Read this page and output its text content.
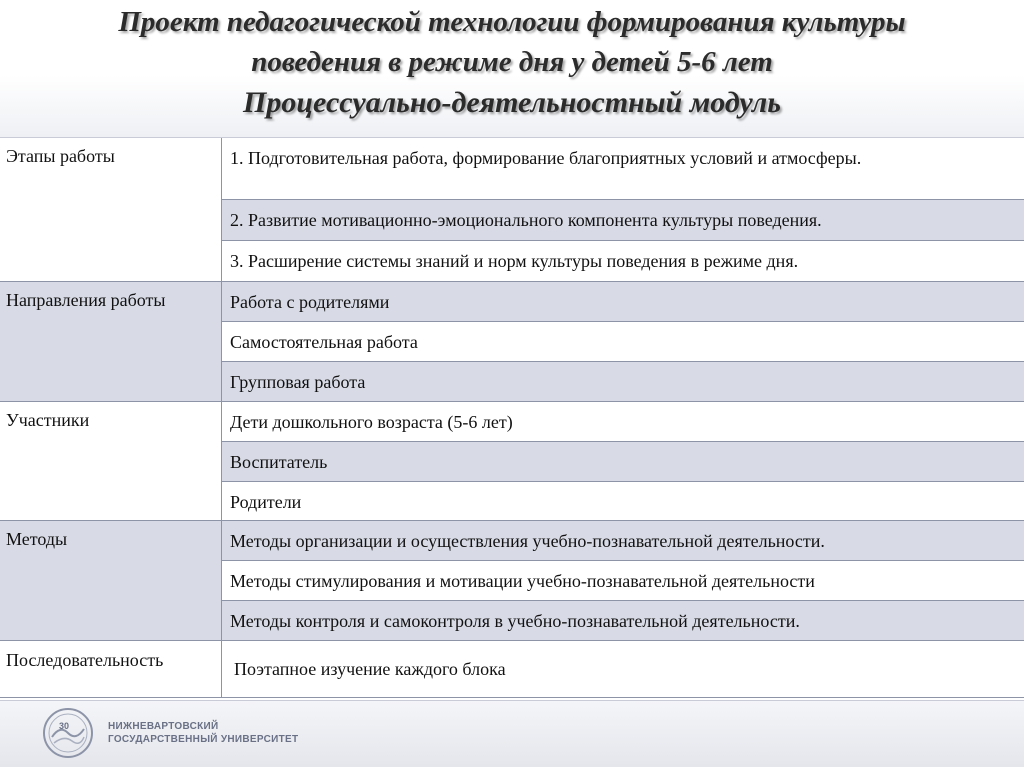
Проект педагогической технологии формирования культуры
поведения в режиме дня у детей 5-6 лет
Процессуально-деятельностный модуль
Этапы работы	1. Подготовительная работа, формирование благоприятных условий и атмосферы.
2. Развитие мотивационно-эмоционального компонента культуры поведения.
3. Расширение системы знаний и норм культуры поведения в режиме дня.
Направления работы	Работа с родителями
Самостоятельная работа
Групповая работа
Участники	Дети дошкольного возраста (5-6 лет)
Воспитатель
Родители
Методы	Методы организации и осуществления учебно-познавательной деятельности.
Методы стимулирования и мотивации учебно-познавательной деятельности
Методы контроля и самоконтроля в учебно-познавательной деятельности.
Последовательность	Поэтапное изучение каждого блока
30	НИЖНЕВАРТОВСКИЙ
ГОСУДАРСТВЕННЫЙ УНИВЕРСИТЕТ
